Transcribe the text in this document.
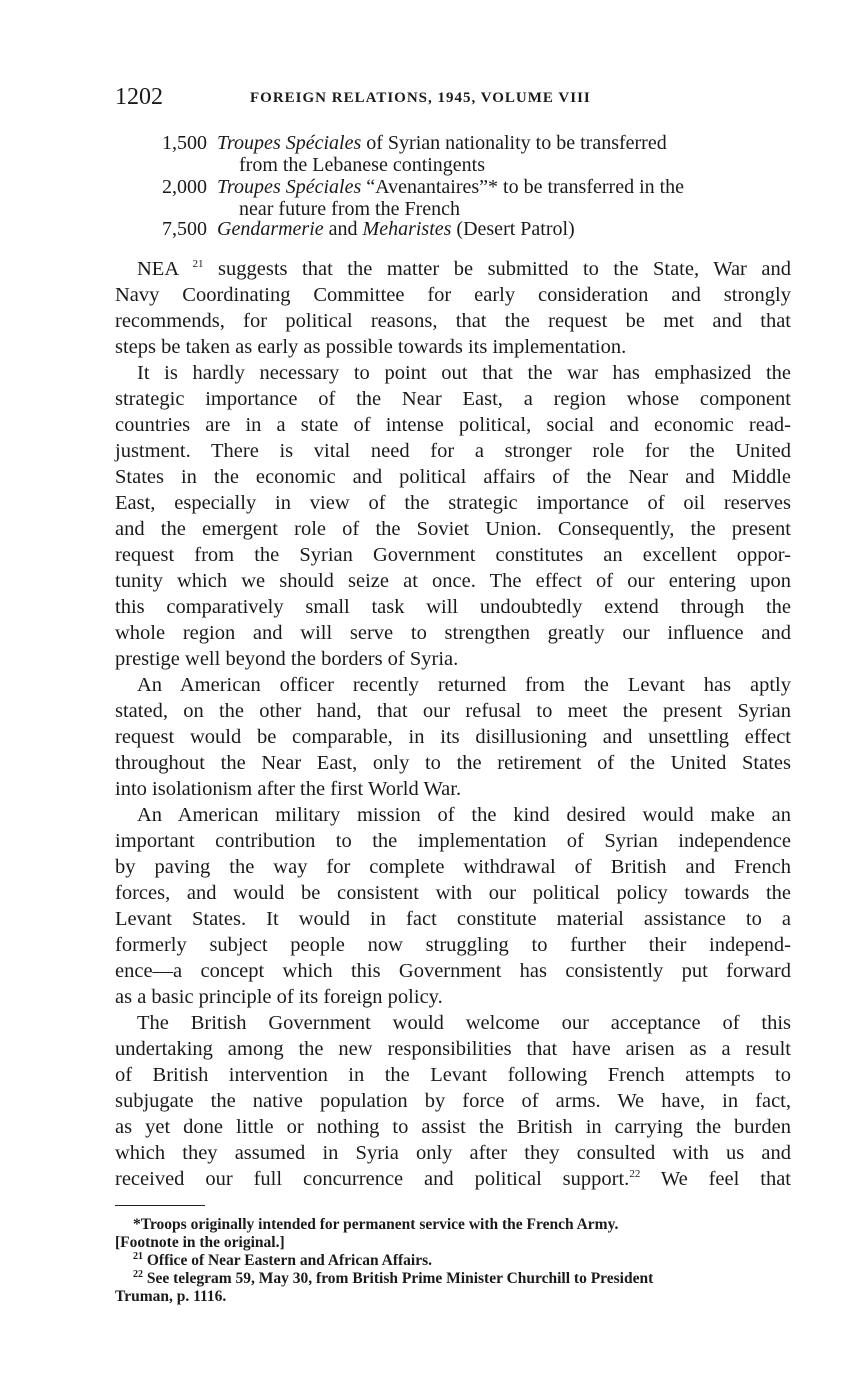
1202	FOREIGN RELATIONS, 1945, VOLUME VIII
1,500 Troupes Spéciales of Syrian nationality to be transferred
from the Lebanese contingents
2,000 Troupes Spéciales “Avenantaires”* to be transferred in the
near future from the French
7,500 Gendarmerie and Meharistes (Desert Patrol)
NEA $^{21}$ suggests that the matter be submitted to the State, War and
Navy Coordinating Committee for early consideration and strongly
recommends, for political reasons, that the request be met and that
steps be taken as early as possible towards its implementation.
It is hardly necessary to point out that the war has emphasized the
strategic importance of the Near East, a region whose component
countries are in a state of intense political, social and economic read-
justment. There is vital need for a stronger role for the United
States in the economic and political affairs of the Near and Middle
East, especially in view of the strategic importance of oil reserves
and the emergent role of the Soviet Union. Consequently, the present
request from the Syrian Government constitutes an excellent oppor-
tunity which we should seize at once. The effect of our entering upon
this comparatively small task will undoubtedly extend through the
whole region and will serve to strengthen greatly our influence and
prestige well beyond the borders of Syria.
An American officer recently returned from the Levant has aptly
stated, on the other hand, that our refusal to meet the present Syrian
request would be comparable, in its disillusioning and unsettling effect
throughout the Near East, only to the retirement of the United States
into isolationism after the first World War.
An American military mission of the kind desired would make an
important contribution to the implementation of Syrian independence
by paving the way for complete withdrawal of British and French
forces, and would be consistent with our political policy towards the
Levant States. It would in fact constitute material assistance to a
formerly subject people now struggling to further their independ-
ence—a concept which this Government has consistently put forward
as a basic principle of its foreign policy.
The British Government would welcome our acceptance of this
undertaking among the new responsibilities that have arisen as a result
of British intervention in the Levant following French attempts to
subjugate the native population by force of arms. We have, in fact,
as yet done little or nothing to assist the British in carrying the burden
which they assumed in Syria only after they consulted with us and
received our full concurrence and political support.$^{22}$ We feel that
*Troops originally intended for permanent service with the French Army.
[Footnote in the original.]
$^{21}$ Office of Near Eastern and African Affairs.
$^{22}$ See telegram 59, May 30, from British Prime Minister Churchill to President
Truman, p. 1116.
